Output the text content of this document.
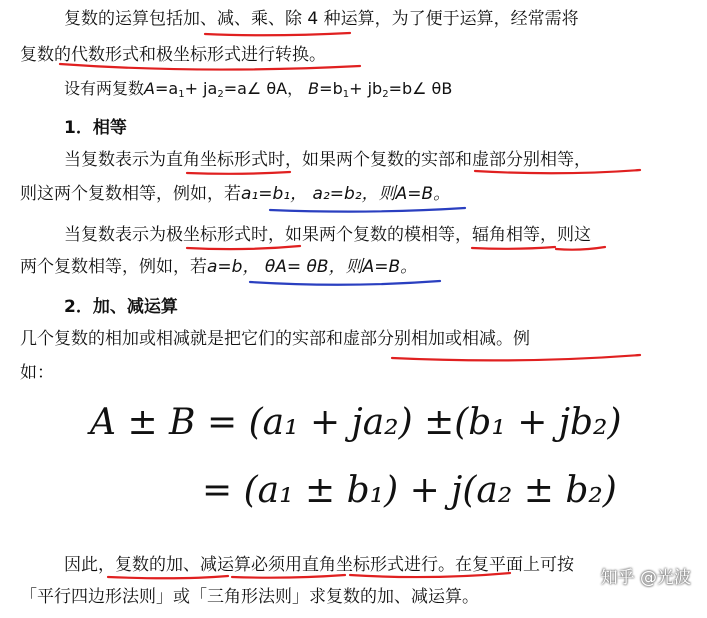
复数的运算包括加、减、乘、除 4 种运算，为了便于运算，经常需将
复数的代数形式和极坐标形式进行转换。
设有两复数$A=a_1+$ $ja_2=a\angle$ θA， $B=b_1+$ $jb_2=b\angle$ θB
1．相等
当复数表示为直角坐标形式时，如果两个复数的实部和虚部分别相等，
则这两个复数相等，例如，若a₁=b₁， a₂=b₂，则A=B。
当复数表示为极坐标形式时，如果两个复数的模相等，辐角相等，则这
两个复数相等，例如，若a=b， θA= θB，则A=B。
2．加、减运算
几个复数的相加或相减就是把它们的实部和虚部分别相加或相减。例
如：
A ± B = (a₁ + ja₂) ±(b₁ + jb₂)
= (a₁ ± b₁) + j(a₂ ± b₂)
因此，复数的加、减运算必须用直角坐标形式进行。在复平面上可按
「平行四边形法则」或「三角形法则」求复数的加、减运算。
知乎 @光波
